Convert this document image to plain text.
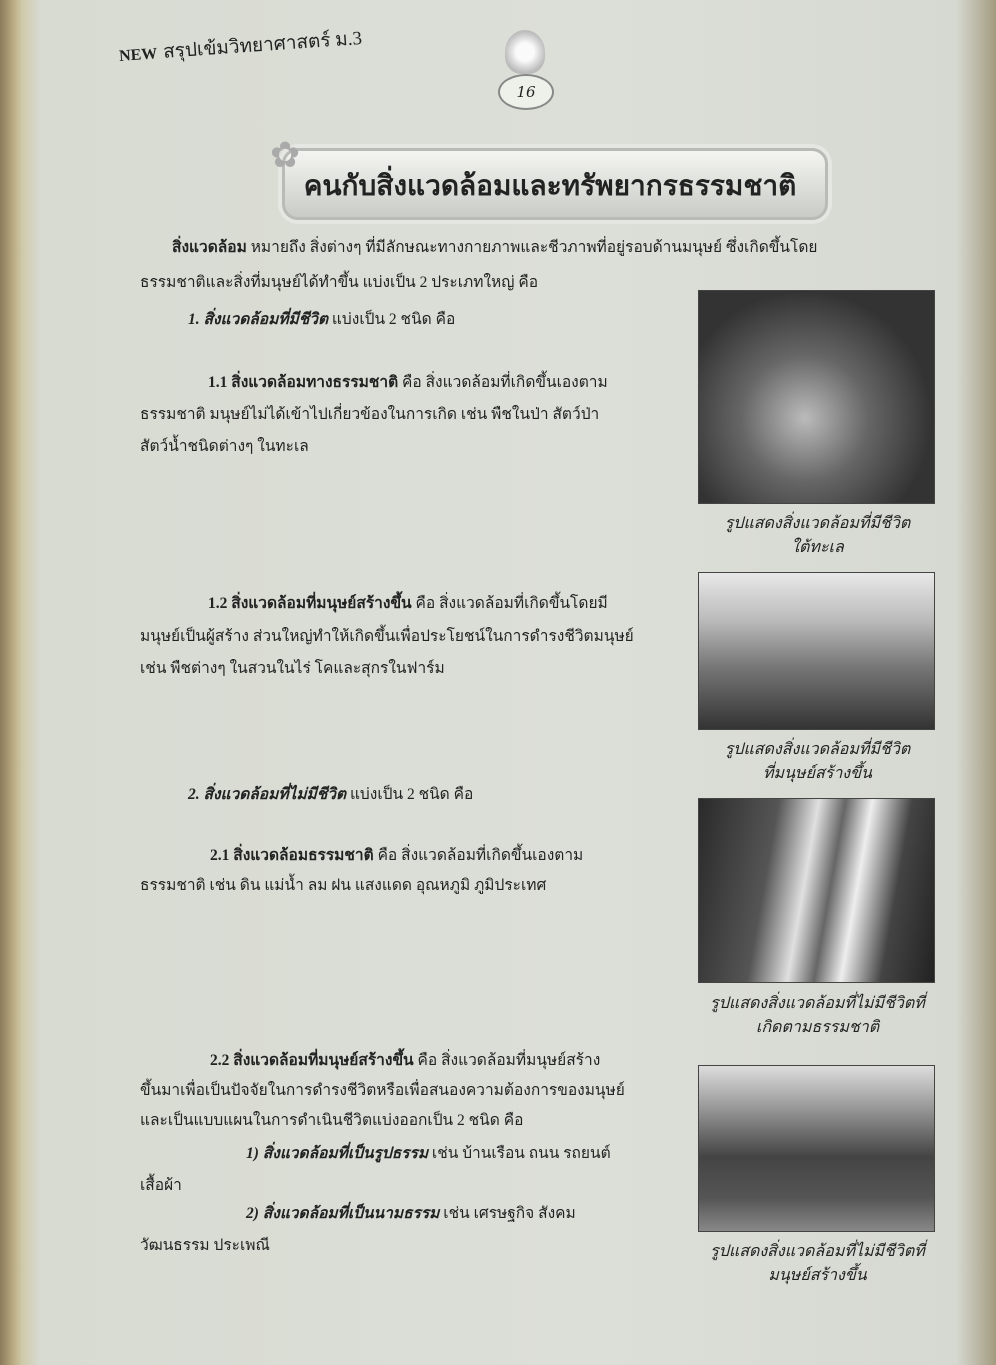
NEW สรุปเข้มวิทยาศาสตร์ ม.3
16
✿
คนกับสิ่งแวดล้อมและทรัพยากรธรรมชาติ

สิ่งแวดล้อม หมายถึง สิ่งต่างๆ ที่มีลักษณะทางกายภาพและชีวภาพที่อยู่รอบด้านมนุษย์ ซึ่งเกิดขึ้นโดย

ธรรมชาติและสิ่งที่มนุษย์ได้ทำขึ้น แบ่งเป็น 2 ประเภทใหญ่ คือ

1. สิ่งแวดล้อมที่มีชีวิต แบ่งเป็น 2 ชนิด คือ

1.1 สิ่งแวดล้อมทางธรรมชาติ คือ สิ่งแวดล้อมที่เกิดขึ้นเองตาม

ธรรมชาติ มนุษย์ไม่ได้เข้าไปเกี่ยวข้องในการเกิด เช่น พืชในป่า สัตว์ป่า

สัตว์น้ำชนิดต่างๆ ในทะเล

1.2 สิ่งแวดล้อมที่มนุษย์สร้างขึ้น คือ สิ่งแวดล้อมที่เกิดขึ้นโดยมี

มนุษย์เป็นผู้สร้าง ส่วนใหญ่ทำให้เกิดขึ้นเพื่อประโยชน์ในการดำรงชีวิตมนุษย์

เช่น พืชต่างๆ ในสวนในไร่ โคและสุกรในฟาร์ม

2. สิ่งแวดล้อมที่ไม่มีชีวิต แบ่งเป็น 2 ชนิด คือ

2.1 สิ่งแวดล้อมธรรมชาติ คือ สิ่งแวดล้อมที่เกิดขึ้นเองตาม

ธรรมชาติ เช่น ดิน แม่น้ำ ลม ฝน แสงแดด อุณหภูมิ ภูมิประเทศ

2.2 สิ่งแวดล้อมที่มนุษย์สร้างขึ้น คือ สิ่งแวดล้อมที่มนุษย์สร้าง

ขึ้นมาเพื่อเป็นปัจจัยในการดำรงชีวิตหรือเพื่อสนองความต้องการของมนุษย์

และเป็นแบบแผนในการดำเนินชีวิตแบ่งออกเป็น 2 ชนิด คือ

1) สิ่งแวดล้อมที่เป็นรูปธรรม เช่น บ้านเรือน ถนน รถยนต์

เสื้อผ้า

2) สิ่งแวดล้อมที่เป็นนามธรรม เช่น เศรษฐกิจ สังคม

วัฒนธรรม ประเพณี

รูปแสดงสิ่งแวดล้อมที่มีชีวิต
ใต้ทะเล
รูปแสดงสิ่งแวดล้อมที่มีชีวิต
ที่มนุษย์สร้างขึ้น
รูปแสดงสิ่งแวดล้อมที่ไม่มีชีวิตที่
เกิดตามธรรมชาติ
รูปแสดงสิ่งแวดล้อมที่ไม่มีชีวิตที่
มนุษย์สร้างขึ้น
